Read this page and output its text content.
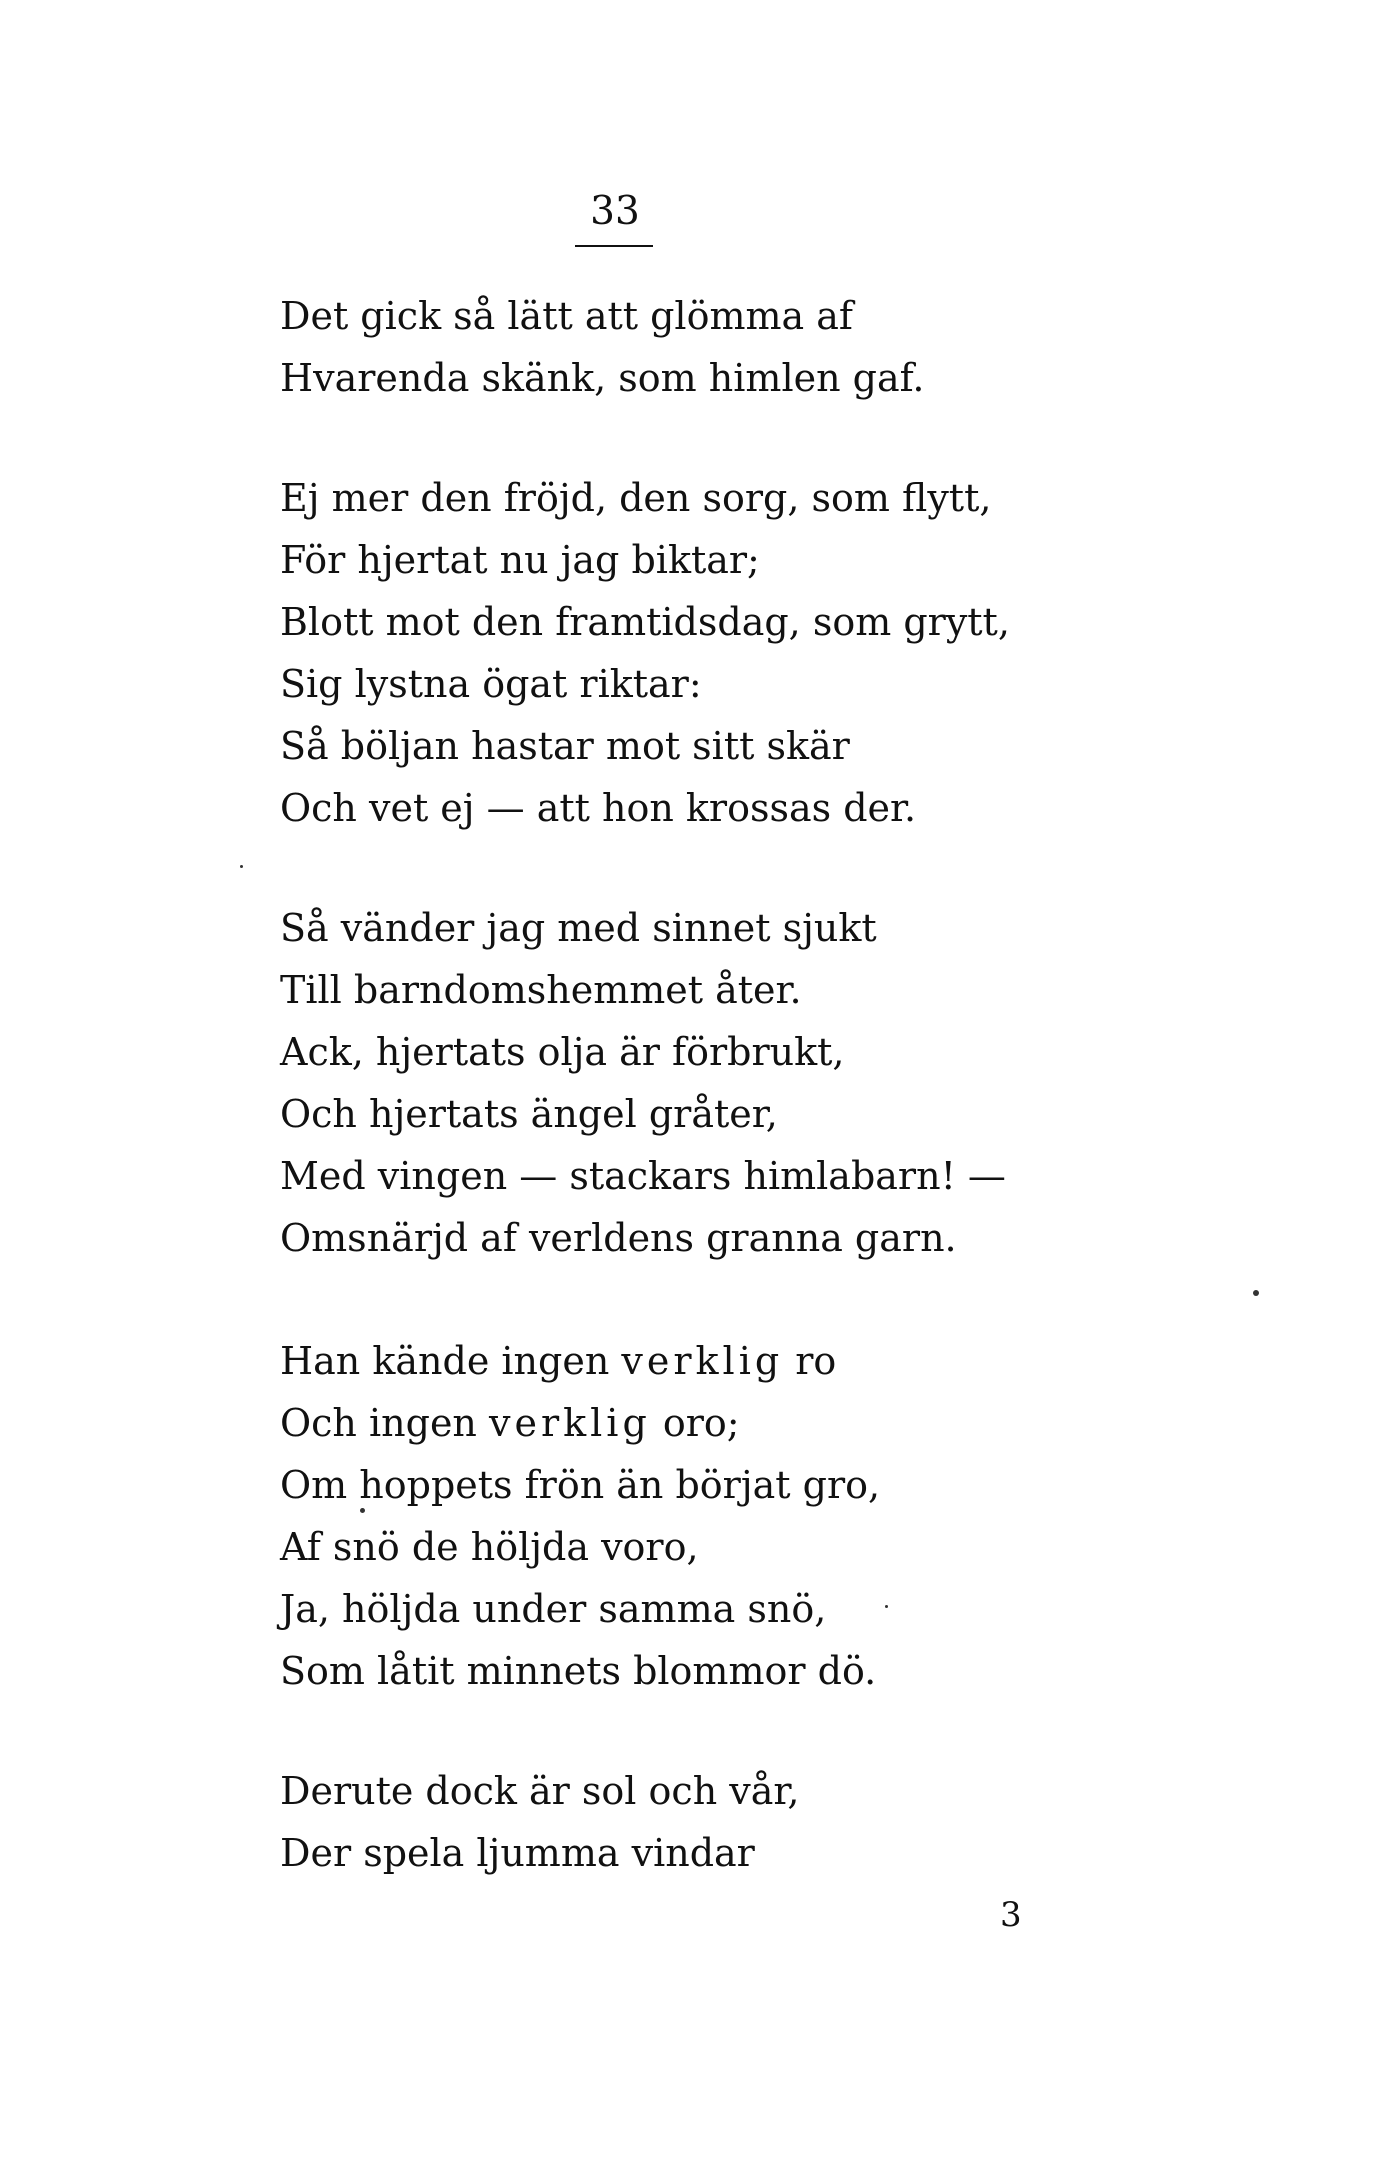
33
Det gick så lätt att glömma af
Hvarenda skänk, som himlen gaf.
Ej mer den fröjd, den sorg, som flytt,
För hjertat nu jag biktar;
Blott mot den framtidsdag, som grytt,
Sig lystna ögat riktar:
Så böljan hastar mot sitt skär
Och vet ej — att hon krossas der.
Så vänder jag med sinnet sjukt
Till barndomshemmet åter.
Ack, hjertats olja är förbrukt,
Och hjertats ängel gråter,
Med vingen — stackars himlabarn! —
Omsnärjd af verldens granna garn.
Han kände ingen verklig ro
Och ingen verklig oro;
Om hoppets frön än börjat gro,
Af snö de höljda voro,
Ja, höljda under samma snö,
Som låtit minnets blommor dö.
Derute dock är sol och vår,
Der spela ljumma vindar
3
